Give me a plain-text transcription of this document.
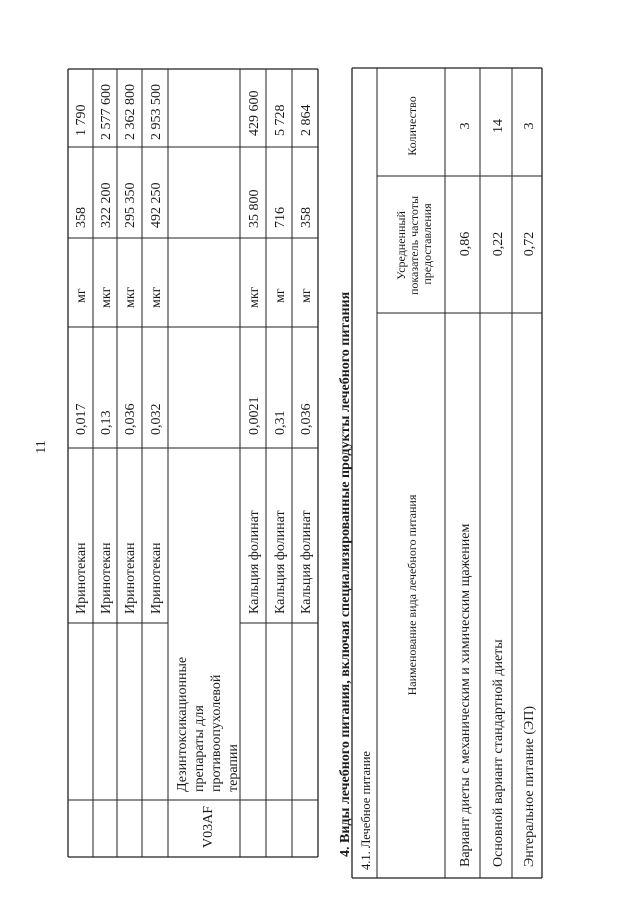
11
Иринотекан
0,017
мг
358
1 790
Иринотекан
0,13
мкг
322 200
2 577 600
Иринотекан
0,036
мкг
295 350
2 362 800
Иринотекан
0,032
мкг
492 250
2 953 500
V03AF
Дезинтоксикационные препараты для противоопухолевой терапии
Кальция фолинат
0,0021
мкг
35 800
429 600
Кальция фолинат
0,31
мг
716
5 728
Кальция фолинат
0,036
мг
358
2 864
4. Виды лечебного питания, включая специализированные продукты лечебного питания 4.1. Лечебное питание
Наименование вида лечебного питания
Усредненный показатель частоты предоставления
Количество
Вариант диеты с механическим и химическим щажением
0,86
3
Основной вариант стандартной диеты
0,22
14
Энтеральное питание (ЭП)
0,72
3
